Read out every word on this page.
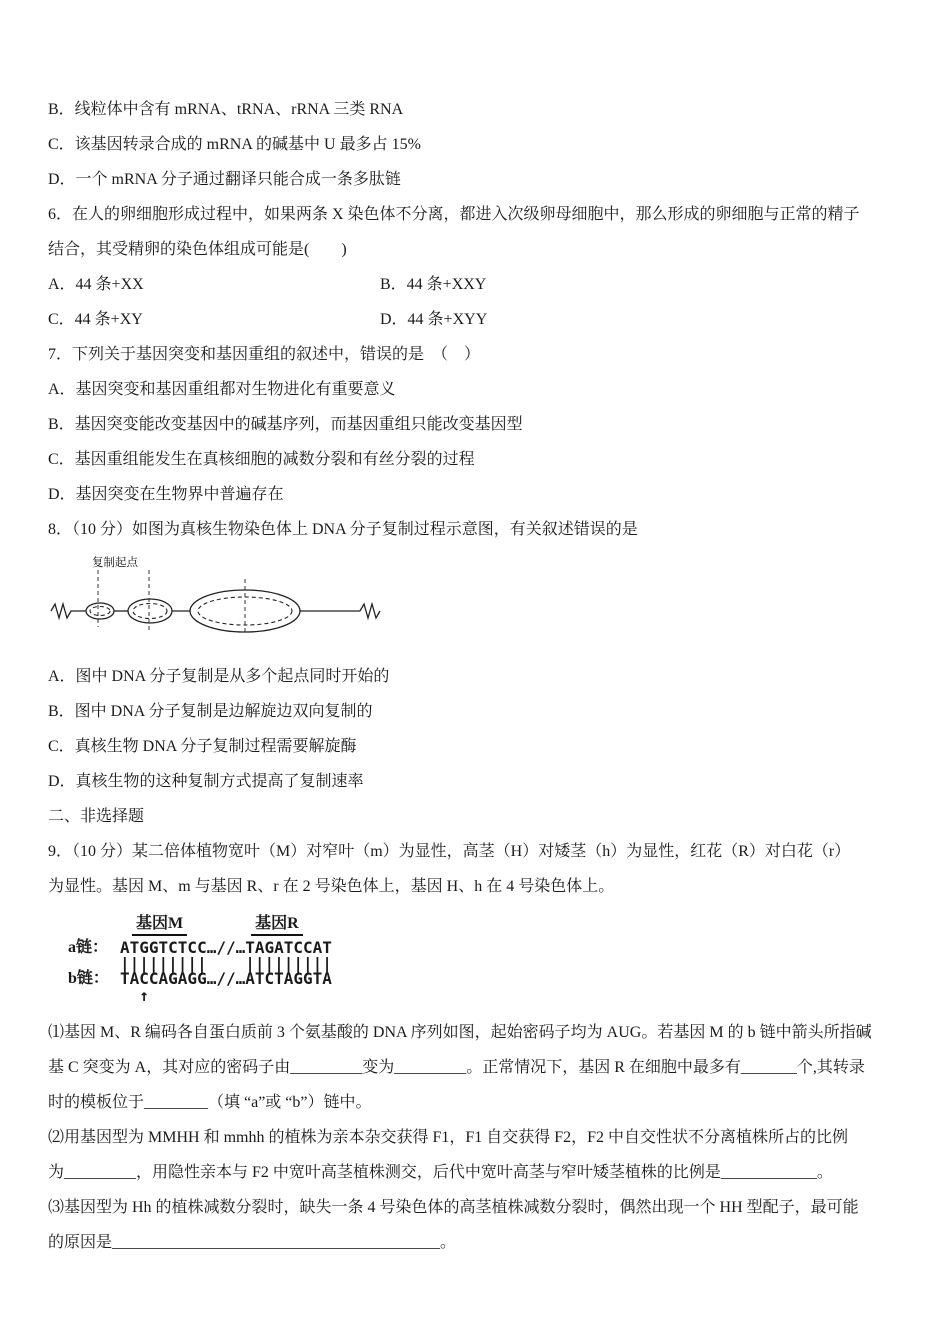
B．线粒体中含有 mRNA、tRNA、rRNA 三类 RNA
C．该基因转录合成的 mRNA 的碱基中 U 最多占 15%
D．一个 mRNA 分子通过翻译只能合成一条多肽链
6．在人的卵细胞形成过程中，如果两条 X 染色体不分离，都进入次级卵母细胞中，那么形成的卵细胞与正常的精子
结合，其受精卵的染色体组成可能是(　　)
A．44 条+XX	B．44 条+XXY
C．44 条+XY	D．44 条+XYY
7．下列关于基因突变和基因重组的叙述中，错误的是　（　）
A．基因突变和基因重组都对生物进化有重要意义
B．基因突变能改变基因中的碱基序列，而基因重组只能改变基因型
C．基因重组能发生在真核细胞的减数分裂和有丝分裂的过程
D．基因突变在生物界中普遍存在
8．（10 分）如图为真核生物染色体上 DNA 分子复制过程示意图，有关叙述错误的是
复制起点
A．图中 DNA 分子复制是从多个起点同时开始的
B．图中 DNA 分子复制是边解旋边双向复制的
C．真核生物 DNA 分子复制过程需要解旋酶
D．真核生物的这种复制方式提高了复制速率
二、非选择题
9．（10 分）某二倍体植物宽叶（M）对窄叶（m）为显性，高茎（H）对矮茎（h）为显性，红花（R）对白花（r）
为显性。基因 M、m 与基因 R、r 在 2 号染色体上，基因 H、h 在 4 号染色体上。
基因M	基因R
a链： ATGGTCTCC…//…TAGATCCAT
|||||||||    |||||||||
b链： TACCAGAGG…//…ATCTAGGTA
↑
⑴基因 M、R 编码各自蛋白质前 3 个氨基酸的 DNA 序列如图，起始密码子均为 AUG。若基因 M 的 b 链中箭头所指碱
基 C 突变为 A，其对应的密码子由_________变为_________。正常情况下，基因 R 在细胞中最多有_______个,其转录
时的模板位于________（填 “a”或 “b”）链中。
⑵用基因型为 MMHH 和 mmhh 的植株为亲本杂交获得 F1，F1 自交获得 F2，F2 中自交性状不分离植株所占的比例
为_________，用隐性亲本与 F2 中宽叶高茎植株测交，后代中宽叶高茎与窄叶矮茎植株的比例是____________。
⑶基因型为 Hh 的植株减数分裂时，缺失一条 4 号染色体的高茎植株减数分裂时，偶然出现一个 HH 型配子，最可能
的原因是_________________________________________。
